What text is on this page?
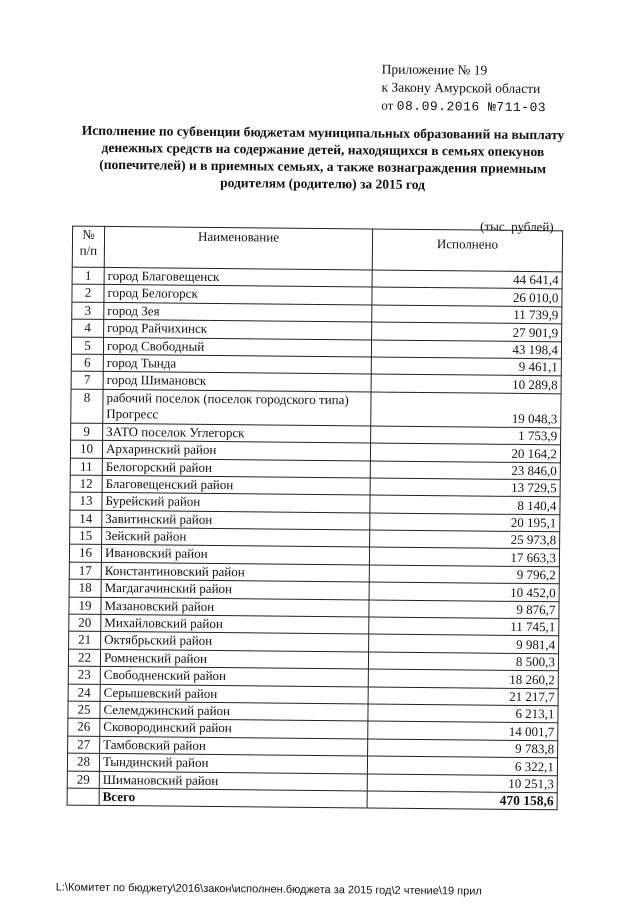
Приложение № 19
к Закону Амурской области
от 08.09.2016 №711-03
Исполнение по субвенции бюджетам муниципальных образований на выплату денежных средств на содержание детей, находящихся в семьях опекунов (попечителей) и в приемных семьях, а также вознаграждения приемным родителям (родителю) за 2015 год
(тыс. рублей)
№ п/п	Наименование	Исполнено
1	город Благовещенск	44 641,4
2	город Белогорск	26 010,0
3	город Зея	11 739,9
4	город Райчихинск	27 901,9
5	город Свободный	43 198,4
6	город Тында	9 461,1
7	город Шимановск	10 289,8
8	рабочий поселок (поселок городского типа) Прогресс	19 048,3
9	ЗАТО поселок Углегорск	1 753,9
10	Архаринский район	20 164,2
11	Белогорский район	23 846,0
12	Благовещенский район	13 729,5
13	Бурейский район	8 140,4
14	Завитинский район	20 195,1
15	Зейский район	25 973,8
16	Ивановский район	17 663,3
17	Константиновский район	9 796,2
18	Магдагачинский район	10 452,0
19	Мазановский район	9 876,7
20	Михайловский район	11 745,1
21	Октябрьский район	9 981,4
22	Ромненский район	8 500,3
23	Свободненский район	18 260,2
24	Серышевский район	21 217,7
25	Селемджинский район	6 213,1
26	Сковородинский район	14 001,7
27	Тамбовский район	9 783,8
28	Тындинский район	6 322,1
29	Шимановский район	10 251,3
	Всего	470 158,6
L:\Комитет по бюджету\2016\закон\исполнен.бюджета за 2015 год\2 чтение\19 прил
